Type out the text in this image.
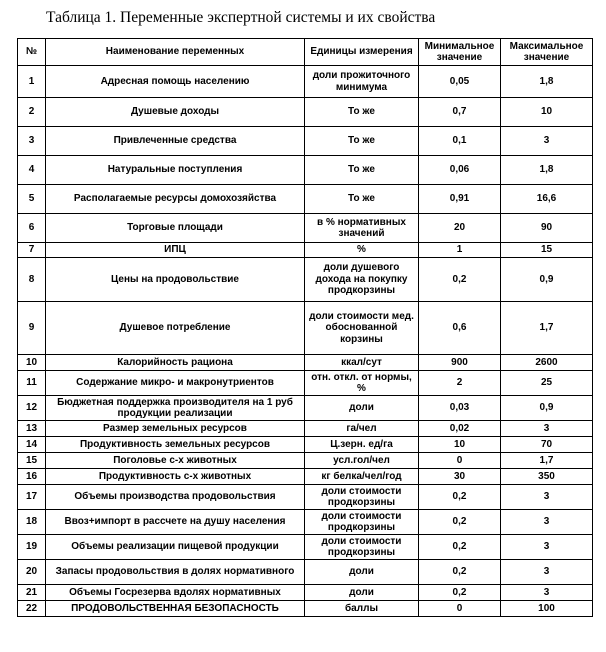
Таблица 1. Переменные экспертной системы и их свойства
№	Наименование переменных	Единицы измерения	Минимальное значение	Максимальное значение
1	Адресная помощь населению	доли прожиточного минимума	0,05	1,8
2	Душевые доходы	То же	0,7	10
3	Привлеченные средства	То же	0,1	3
4	Натуральные поступления	То же	0,06	1,8
5	Располагаемые ресурсы домохозяйства	То же	0,91	16,6
6	Торговые площади	в % нормативных значений	20	90
7	ИПЦ	%	1	15
8	Цены на продовольствие	доли душевого дохода на покупку продкорзины	0,2	0,9
9	Душевое потребление	доли стоимости мед. обоснованной корзины	0,6	1,7
10	Калорийность рациона	ккал/сут	900	2600
11	Содержание микро- и макронутриентов	отн. откл. от нормы, %	2	25
12	Бюджетная поддержка производителя на 1 руб продукции реализации	доли	0,03	0,9
13	Размер земельных ресурсов	га/чел	0,02	3
14	Продуктивность земельных ресурсов	Ц.зерн. ед/га	10	70
15	Поголовье с-х животных	усл.гол/чел	0	1,7
16	Продуктивность с-х животных	кг белка/чел/год	30	350
17	Объемы производства продовольствия	доли стоимости продкорзины	0,2	3
18	Ввоз+импорт в рассчете на душу населения	доли стоимости продкорзины	0,2	3
19	Объемы реализации пищевой продукции	доли стоимости продкорзины	0,2	3
20	Запасы продовольствия в долях нормативного	доли	0,2	3
21	Объемы Госрезерва вдолях нормативных	доли	0,2	3
22	ПРОДОВОЛЬСТВЕННАЯ БЕЗОПАСНОСТЬ	баллы	0	100
